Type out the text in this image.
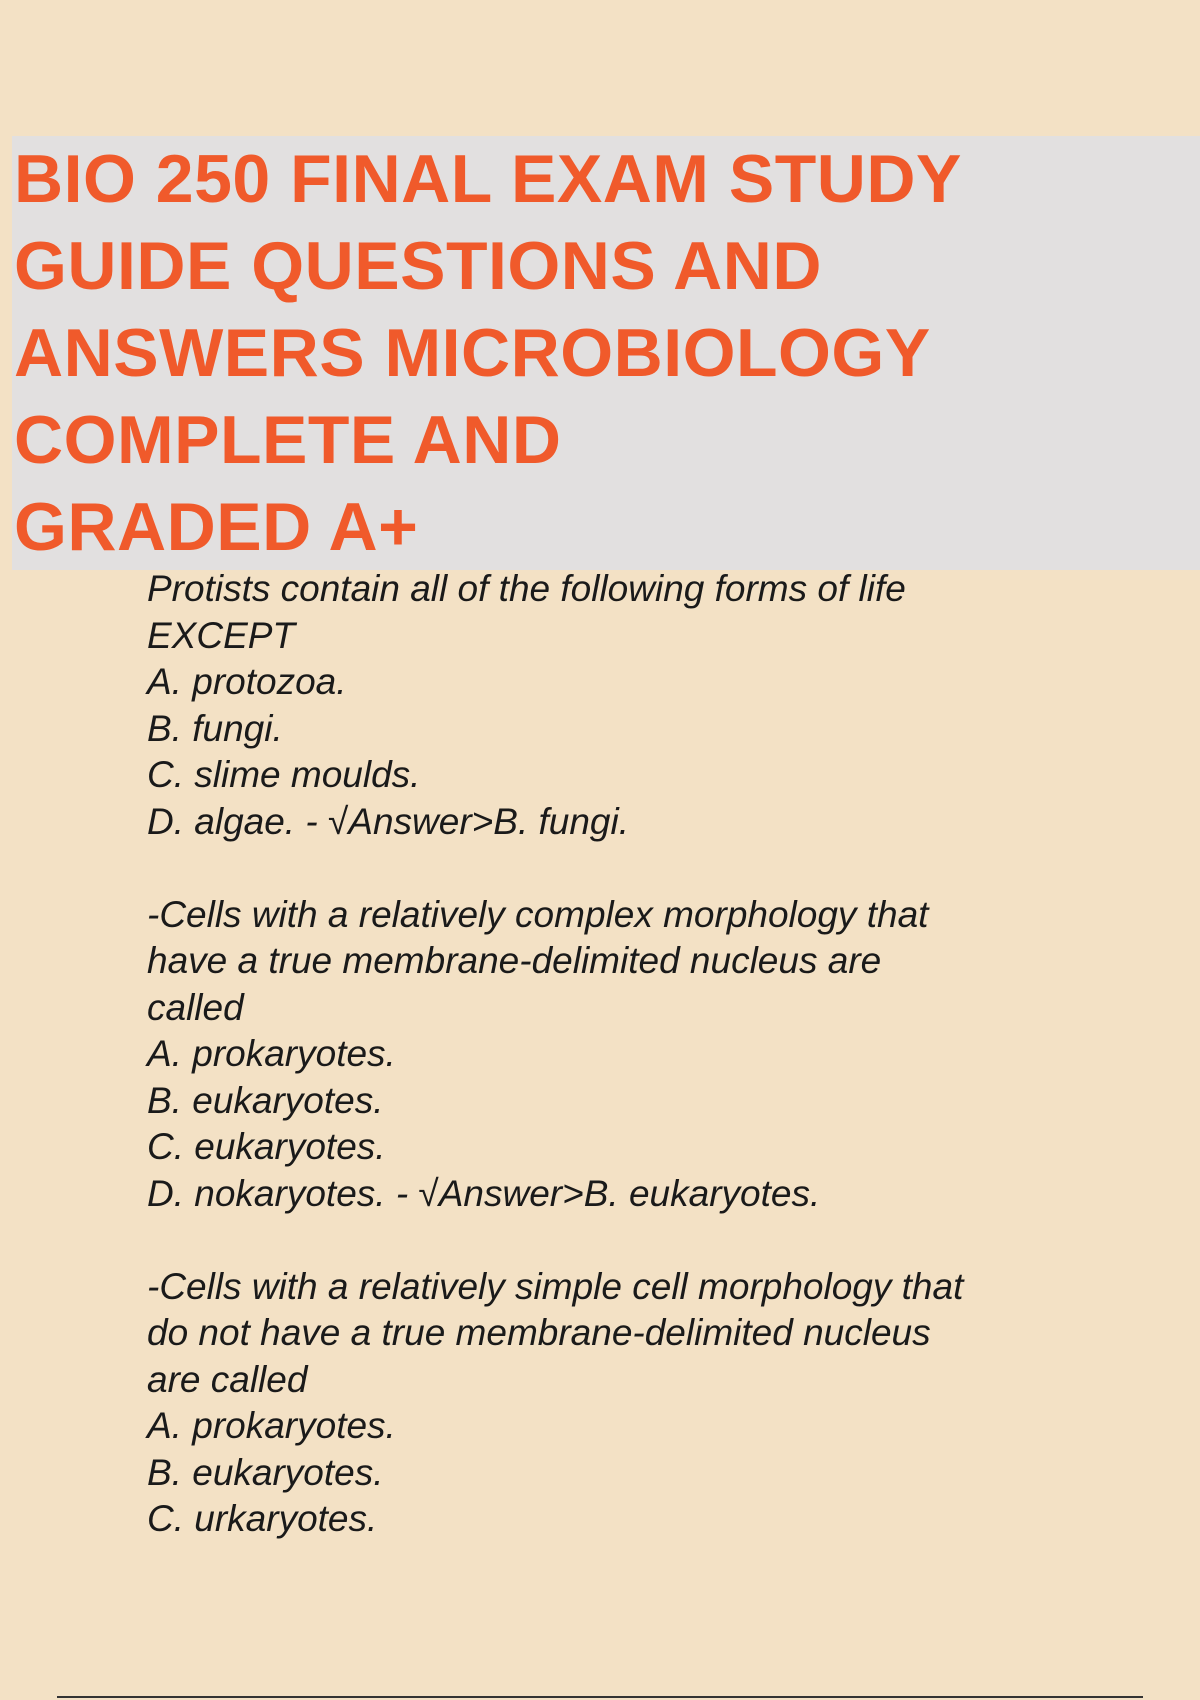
BIO 250 FINAL EXAM STUDY
GUIDE QUESTIONS AND
ANSWERS MICROBIOLOGY
COMPLETE AND
GRADED A+
Protists contain all of the following forms of life
EXCEPT
A. protozoa.
B. fungi.
C. slime moulds.
D. algae. - √Answer>B. fungi.
-Cells with a relatively complex morphology that
have a true membrane-delimited nucleus are
called
A. prokaryotes.
B. eukaryotes.
C. eukaryotes.
D. nokaryotes. - √Answer>B. eukaryotes.
-Cells with a relatively simple cell morphology that
do not have a true membrane-delimited nucleus
are called
A. prokaryotes.
B. eukaryotes.
C. urkaryotes.
